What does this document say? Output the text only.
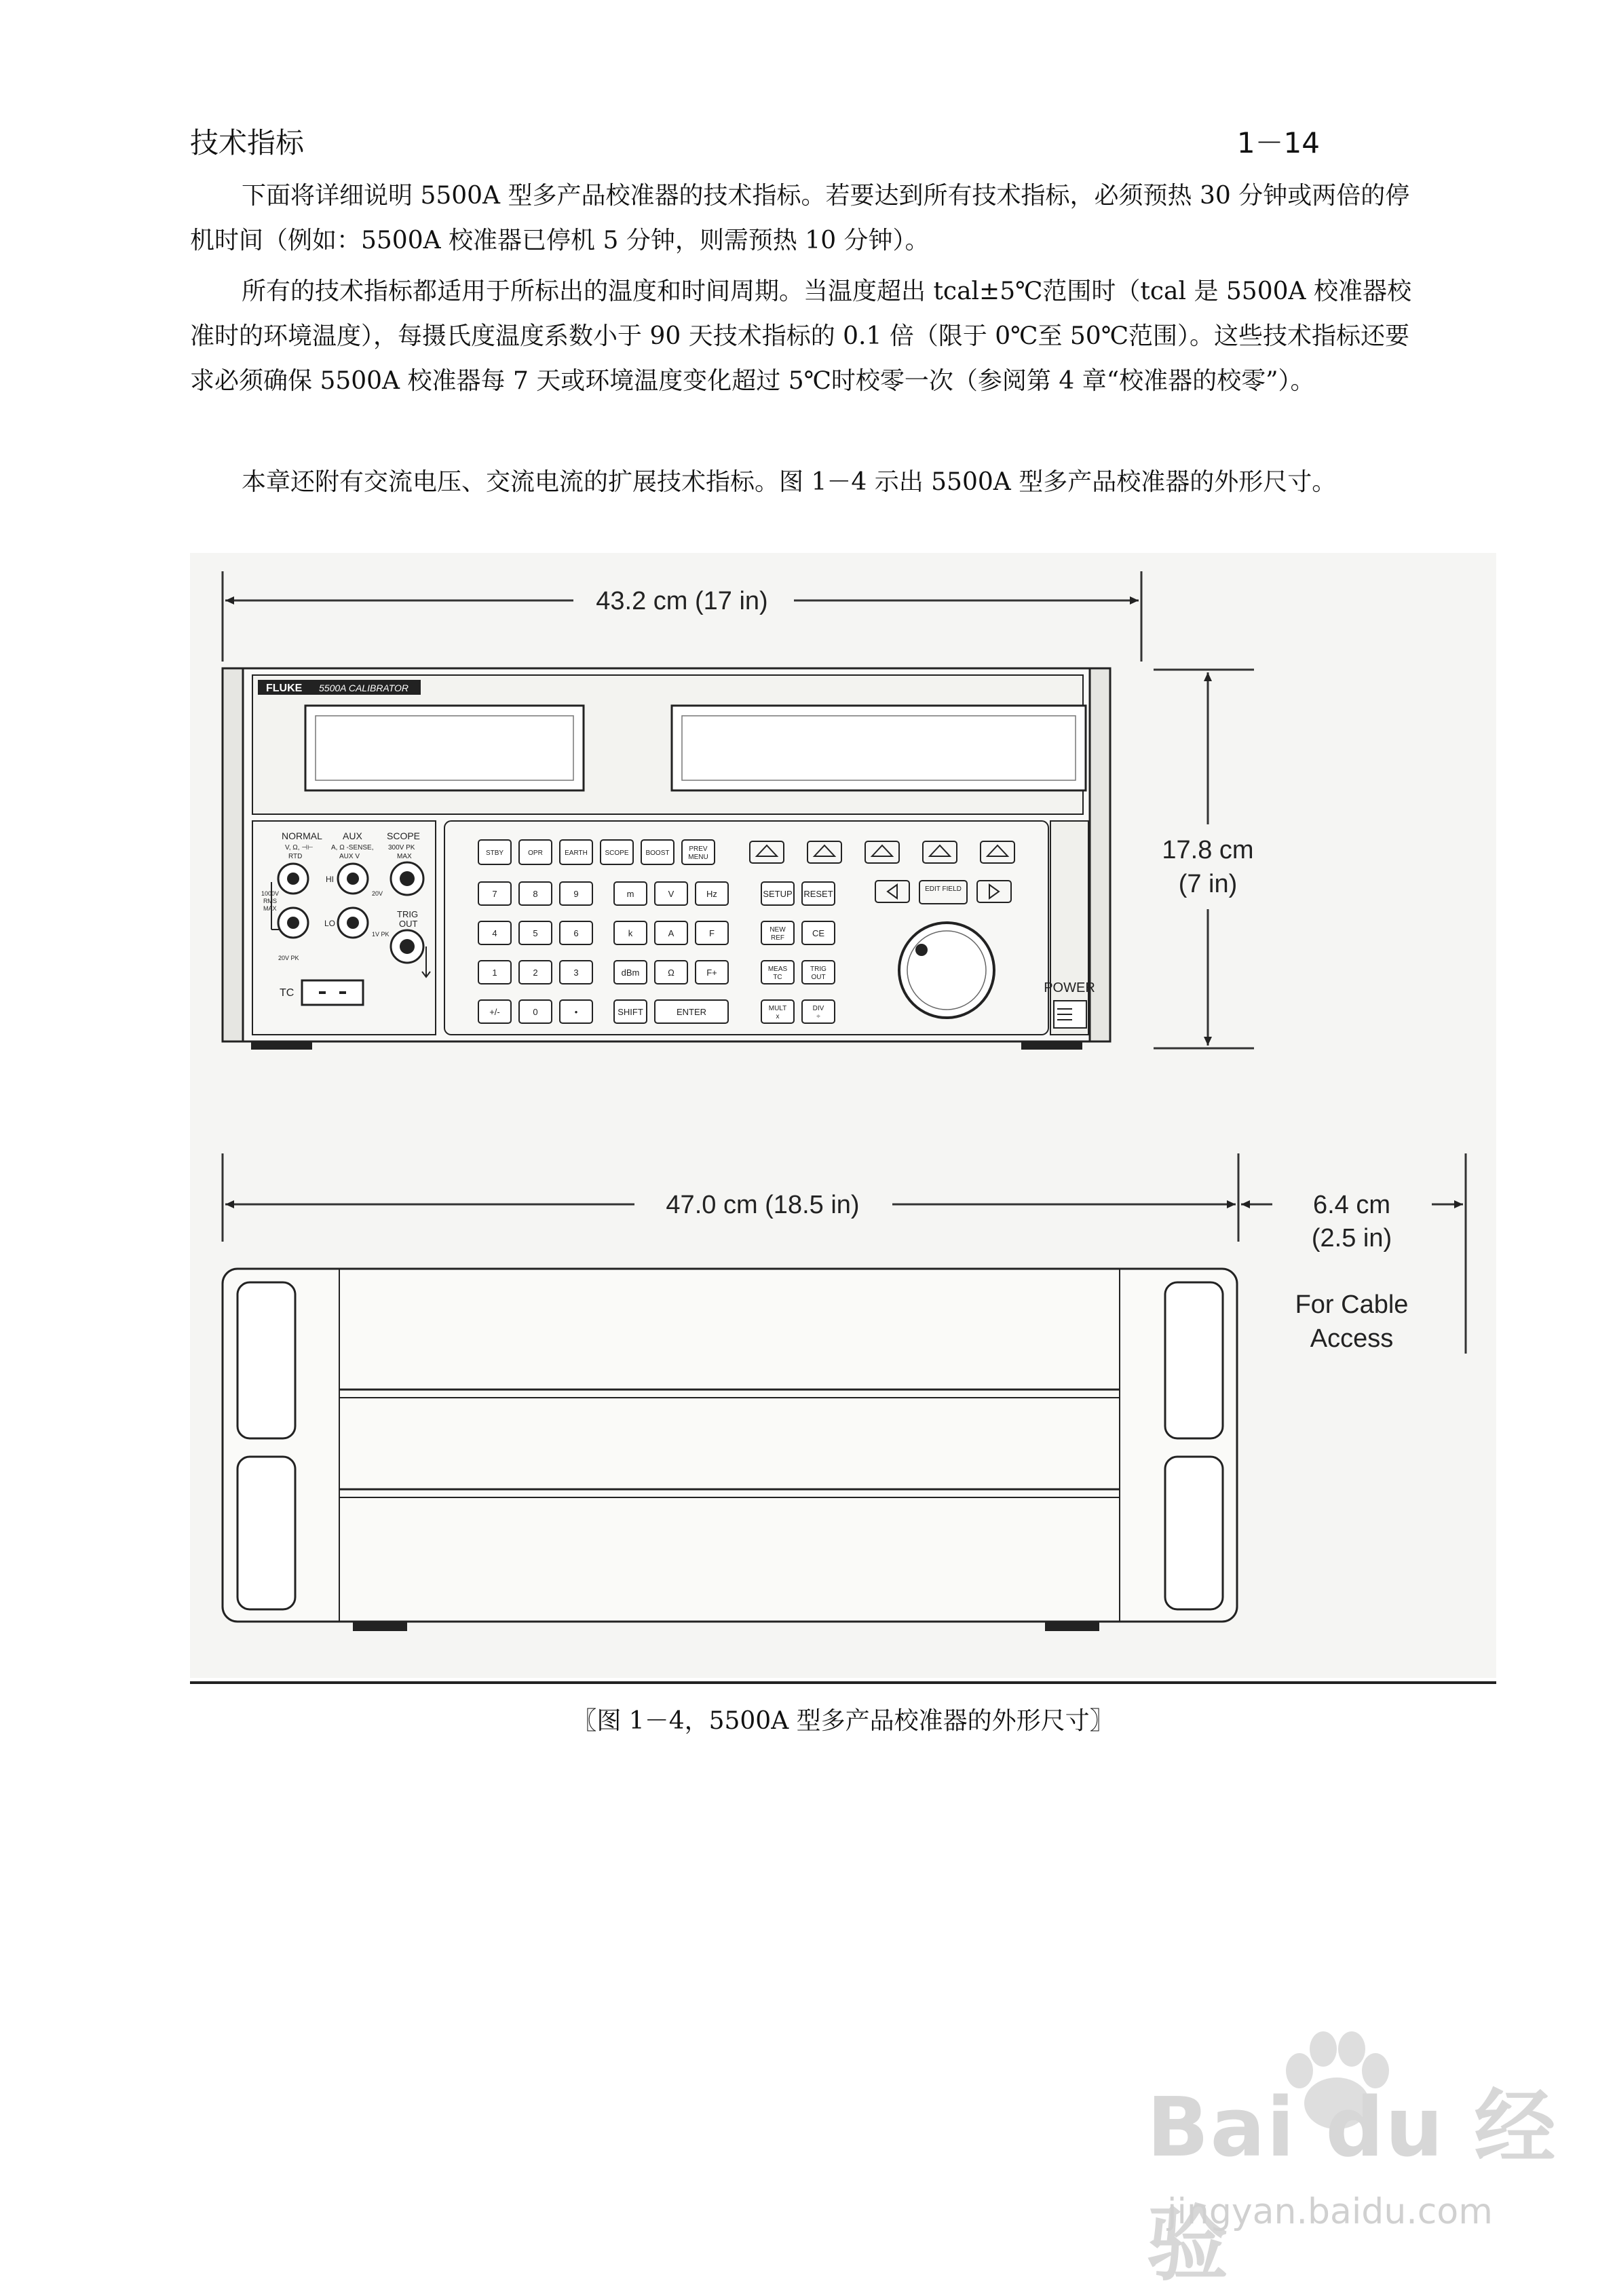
技术指标	1－14

下面将详细说明 5500A 型多产品校准器的技术指标。若要达到所有技术指标，必须预热 30 分钟或两倍的停机时间（例如：5500A 校准器已停机 5 分钟，则需预热 10 分钟）。

所有的技术指标都适用于所标出的温度和时间周期。当温度超出 tcal±5℃范围时（tcal 是 5500A 校准器校准时的环境温度），每摄氏度温度系数小于 90 天技术指标的 0.1 倍（限于 0℃至 50℃范围）。这些技术指标还要求必须确保 5500A 校准器每 7 天或环境温度变化超过 5℃时校零一次（参阅第 4 章“校准器的校零”）。

本章还附有交流电压、交流电流的扩展技术指标。图 1－4 示出 5500A 型多产品校准器的外形尺寸。

43.2 cm (17 in)
17.8 cm
(7 in)
FLUKE 5500A CALIBRATOR
NORMAL
V, Ω, ⊣⊢
RTD
AUX
A, Ω -SENSE,
AUX V
SCOPE
300V PK
MAX
HI
LO
TRIG
OUT
1000V
RMS
MAX
20V
1V PK
20V PK
TC
STBY	OPR	EARTH	SCOPE BOOST
PREV
MENU
7	8	9	m	V	Hz	SETUP RESET
4	5	6	k	A	F	NEW
REF	CE
1	2	3	dBm	Ω	F+	MEAS
TC
TRIG
OUT
+/-	0	•	SHIFT	ENTER	MULT
x
DIV
÷
EDIT FIELD
POWER
47.0 cm (18.5 in)	6.4 cm
(2.5 in)
For Cable
Access
〖图 1－4，5500A 型多产品校准器的外形尺寸〗
Bai du 经验
jingyan.baidu.com
